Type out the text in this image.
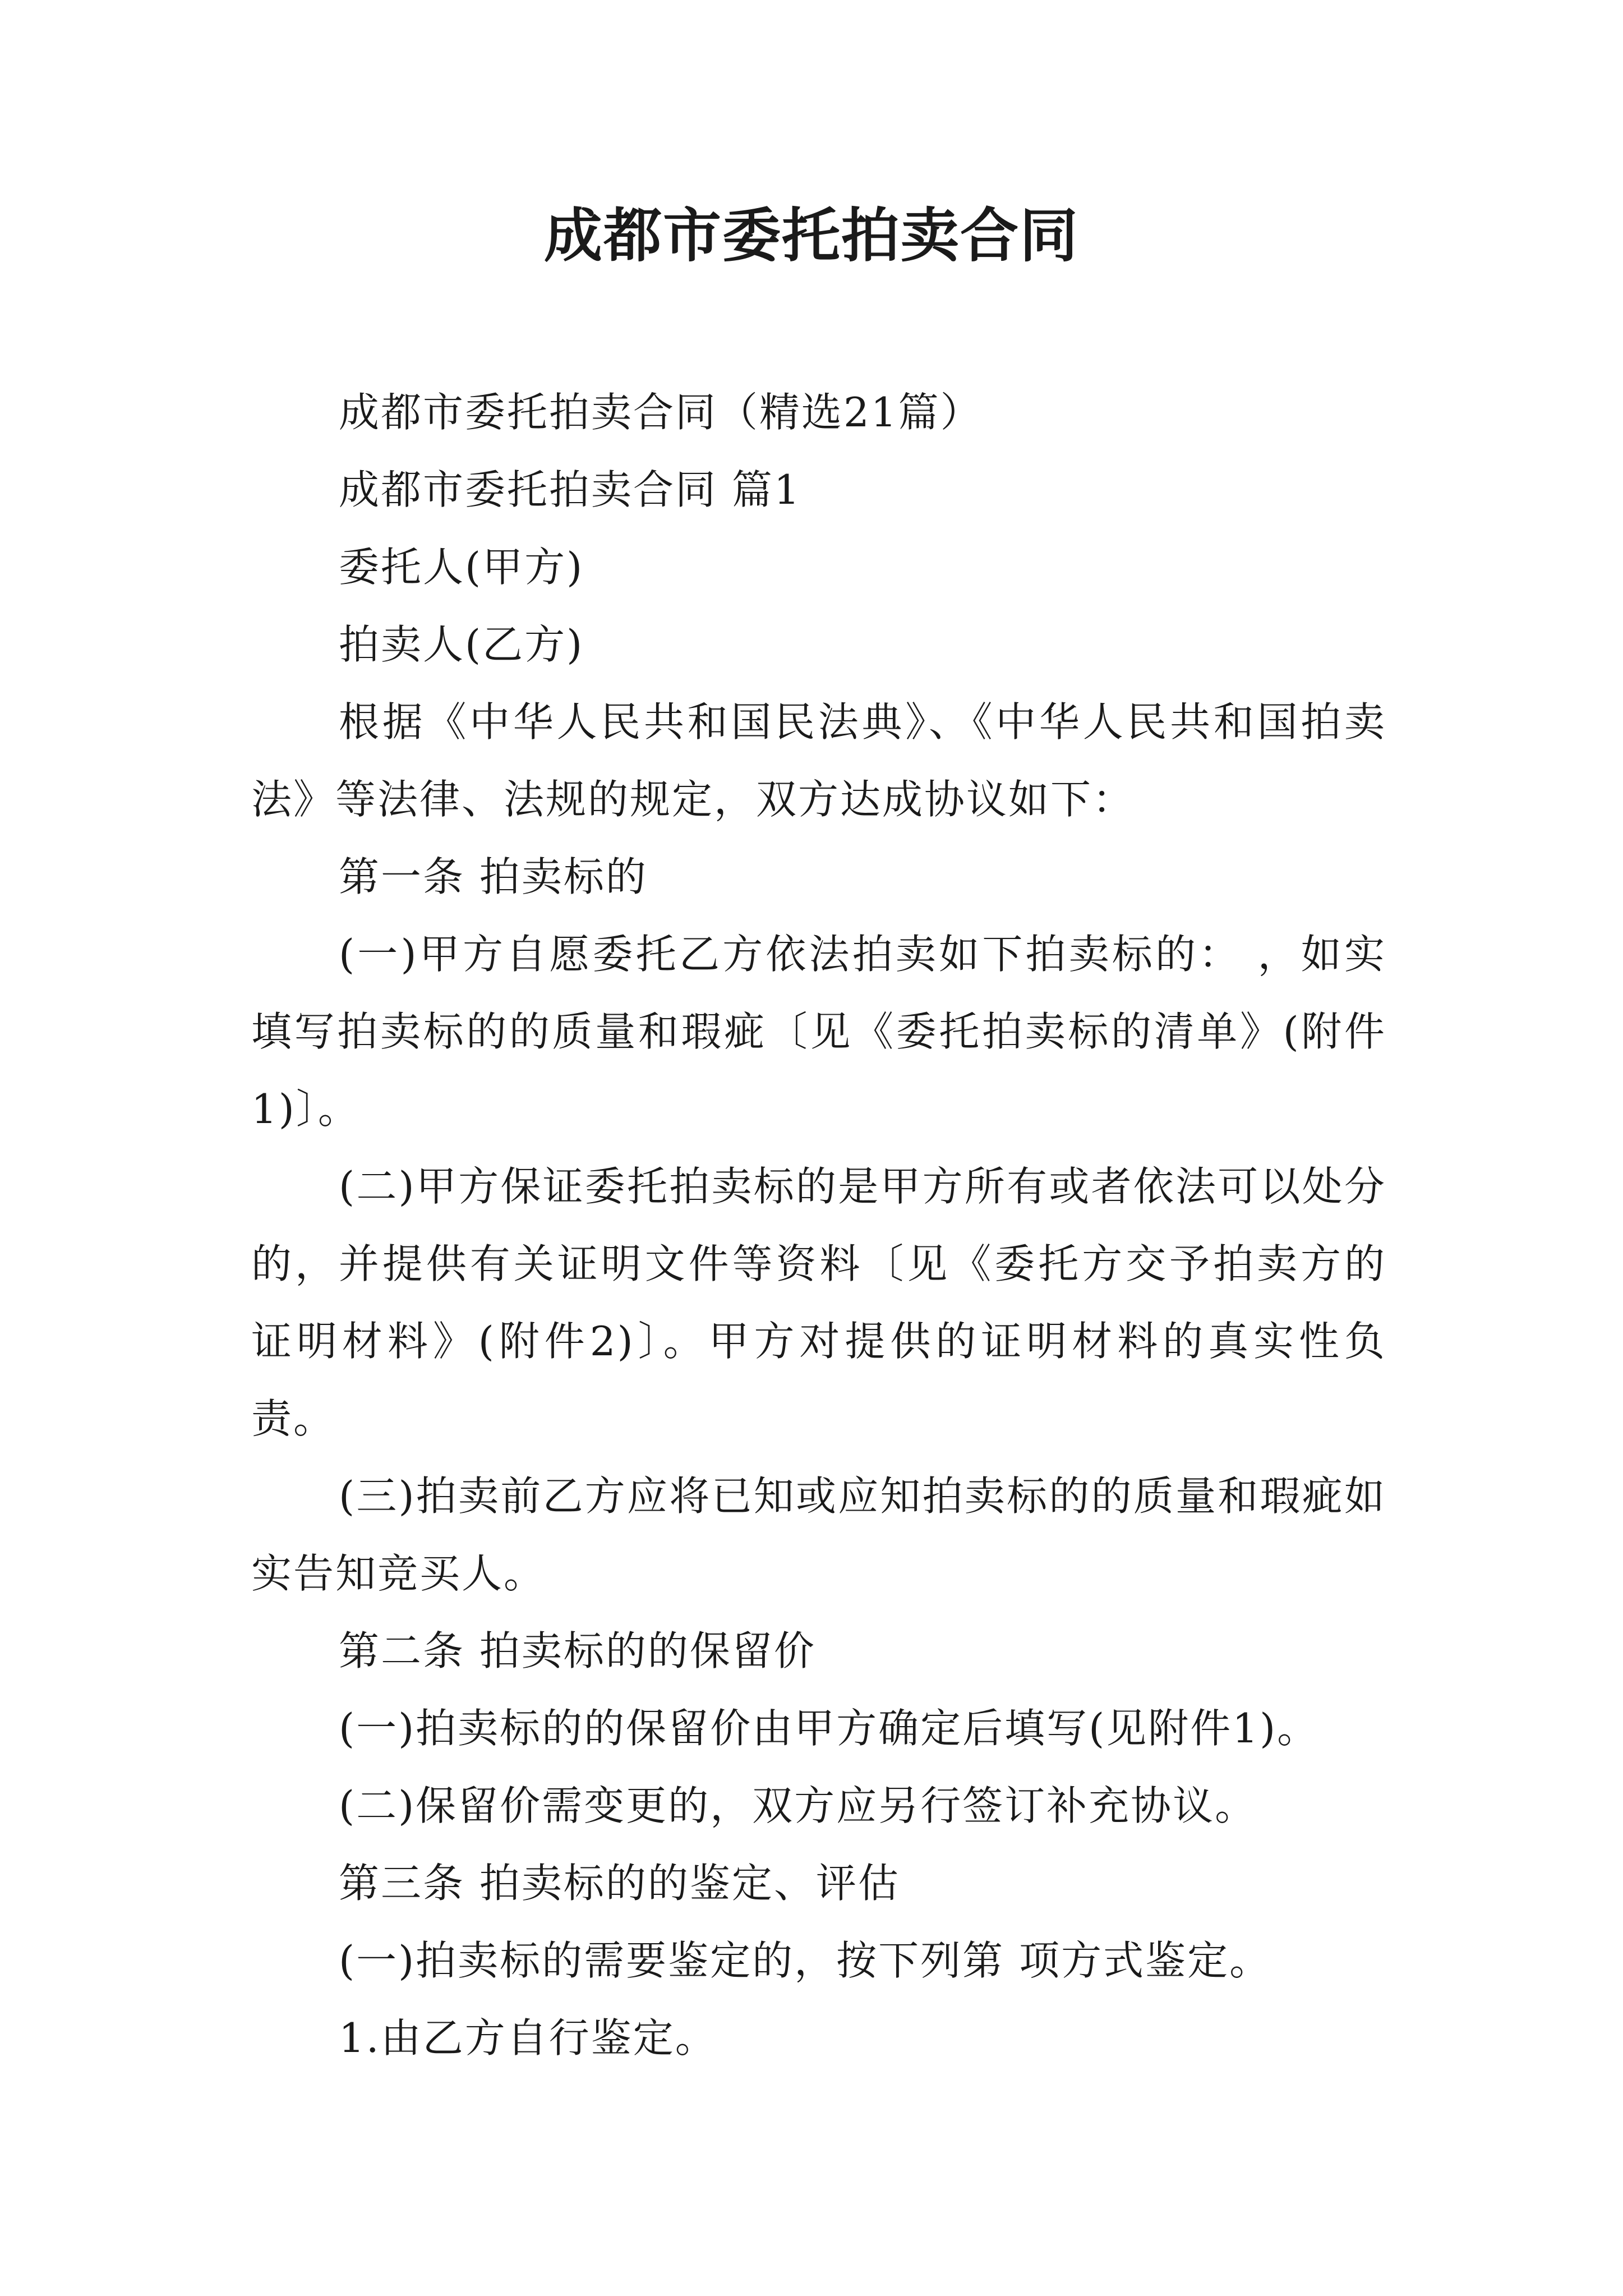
成都市委托拍卖合同

成都市委托拍卖合同（精选21篇）

成都市委托拍卖合同 篇1

委托人(甲方)

拍卖人(乙方)

根据《中华人民共和国民法典》、《中华人民共和国拍卖法》等法律、法规的规定，双方达成协议如下：

第一条 拍卖标的

(一)甲方自愿委托乙方依法拍卖如下拍卖标的： ，如实填写拍卖标的的质量和瑕疵〔见《委托拍卖标的清单》(附件1)〕。

(二)甲方保证委托拍卖标的是甲方所有或者依法可以处分的，并提供有关证明文件等资料〔见《委托方交予拍卖方的证明材料》(附件2)〕。甲方对提供的证明材料的真实性负责。

(三)拍卖前乙方应将已知或应知拍卖标的的质量和瑕疵如实告知竞买人。

第二条 拍卖标的的保留价

(一)拍卖标的的保留价由甲方确定后填写(见附件1)。

(二)保留价需变更的，双方应另行签订补充协议。

第三条 拍卖标的的鉴定、评估

(一)拍卖标的需要鉴定的，按下列第 项方式鉴定。

1.由乙方自行鉴定。
